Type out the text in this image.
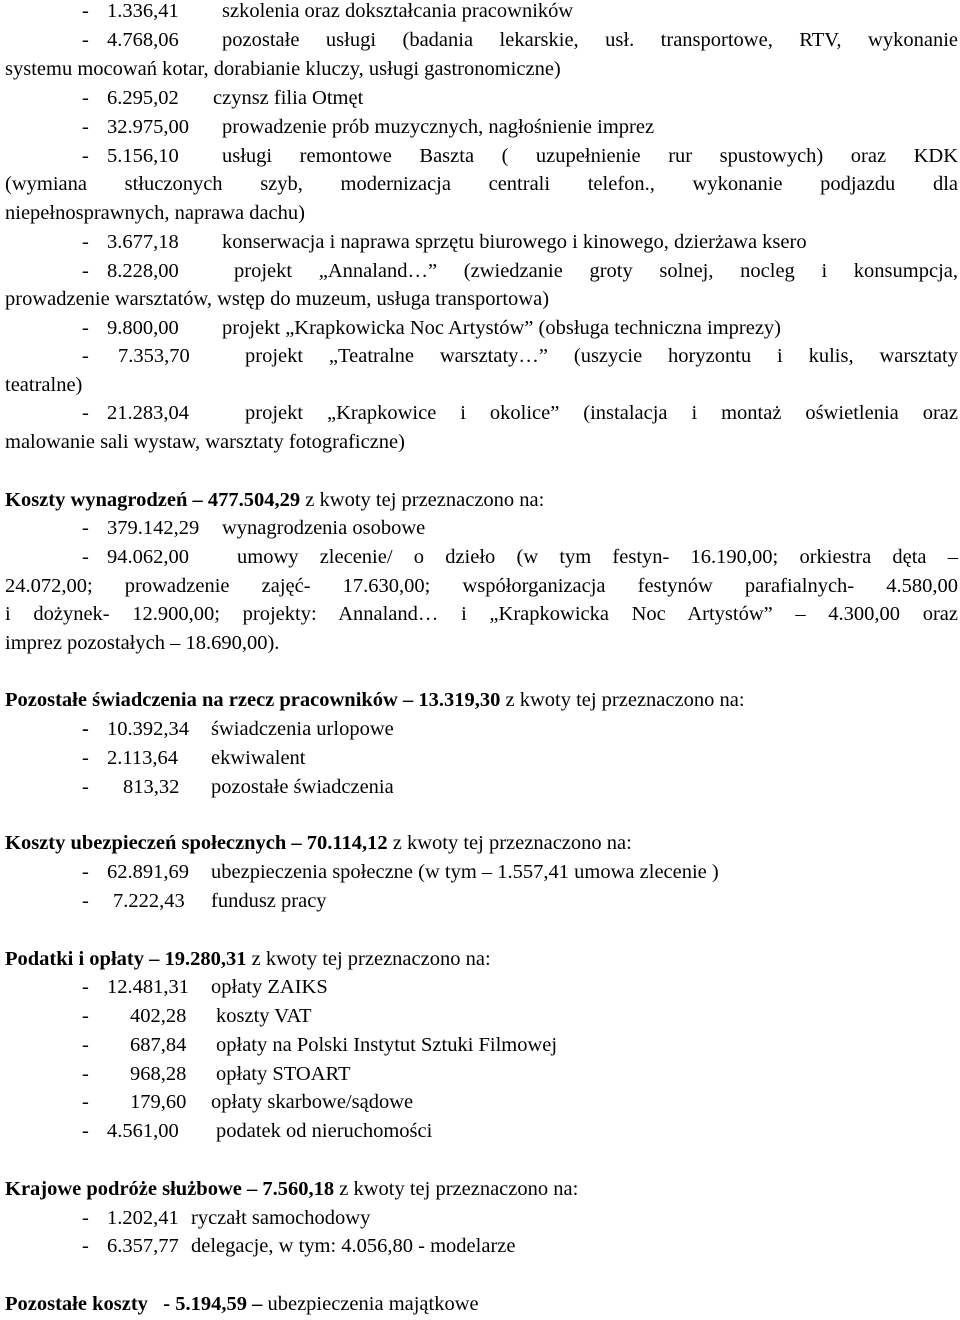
- 1.336,41 szkolenia oraz dokształcania pracowników
- 4.768,06 pozostałe usługi (badania lekarskie, usł. transportowe, RTV, wykonanie
systemu mocowań kotar, dorabianie kluczy, usługi gastronomiczne)
- 6.295,02 czynsz filia Otmęt
- 32.975,00 prowadzenie prób muzycznych, nagłośnienie imprez
- 5.156,10 usługi remontowe Baszta ( uzupełnienie rur spustowych) oraz KDK
(wymiana stłuczonych szyb, modernizacja centrali telefon., wykonanie podjazdu dla
niepełnosprawnych, naprawa dachu)
- 3.677,18 konserwacja i naprawa sprzętu biurowego i kinowego, dzierżawa ksero
- 8.228,00	projekt „Annaland…” (zwiedzanie groty solnej, nocleg i konsumpcja,
prowadzenie warsztatów, wstęp do muzeum, usługa transportowa)
- 9.800,00 projekt „Krapkowicka Noc Artystów” (obsługa techniczna imprezy)
- 7.353,70	projekt „Teatralne warsztaty…” (uszycie horyzontu i kulis, warsztaty
teatralne)
- 21.283,04	projekt „Krapkowice i okolice” (instalacja i montaż oświetlenia oraz
malowanie sali wystaw, warsztaty fotograficzne)
Koszty wynagrodzeń – 477.504,29 z kwoty tej przeznaczono na:
- 379.142,29 wynagrodzenia osobowe
- 94.062,00 umowy zlecenie/ o dzieło (w tym festyn- 16.190,00; orkiestra dęta –
24.072,00; prowadzenie zajęć- 17.630,00; współorganizacja festynów parafialnych- 4.580,00
i dożynek- 12.900,00; projekty: Annaland… i „Krapkowicka Noc Artystów” – 4.300,00 oraz
imprez pozostałych – 18.690,00).
Pozostałe świadczenia na rzecz pracowników – 13.319,30 z kwoty tej przeznaczono na:
- 10.392,34 świadczenia urlopowe
- 2.113,64 ekwiwalent
- 813,32 pozostałe świadczenia
Koszty ubezpieczeń społecznych – 70.114,12 z kwoty tej przeznaczono na:
- 62.891,69 ubezpieczenia społeczne (w tym – 1.557,41 umowa zlecenie )
- 7.222,43 fundusz pracy
Podatki i opłaty – 19.280,31 z kwoty tej przeznaczono na:
- 12.481,31 opłaty ZAIKS
- 402,28 koszty VAT
- 687,84 opłaty na Polski Instytut Sztuki Filmowej
- 968,28 opłaty STOART
- 179,60 opłaty skarbowe/sądowe
- 4.561,00 podatek od nieruchomości
Krajowe podróże służbowe – 7.560,18 z kwoty tej przeznaczono na:
- 1.202,41 ryczałt samochodowy
- 6.357,77 delegacje, w tym: 4.056,80 - modelarze
Pozostałe koszty   - 5.194,59 – ubezpieczenia majątkowe
